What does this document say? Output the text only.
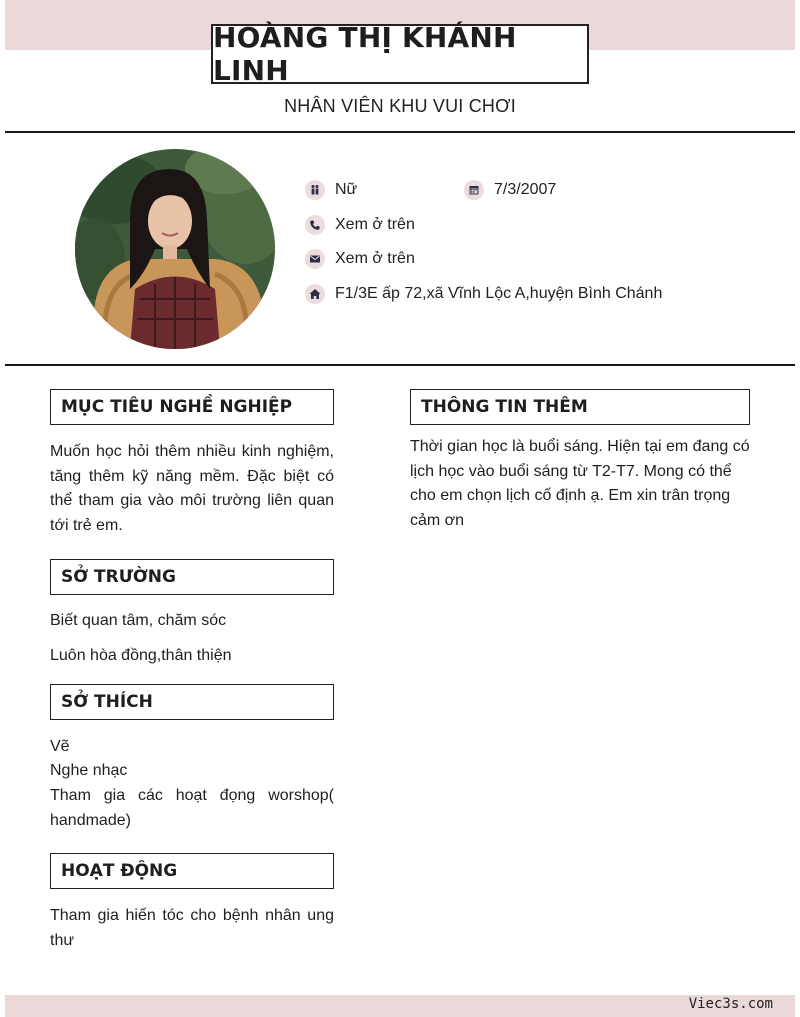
HOÀNG THỊ KHÁNH LINH
NHÂN VIÊN KHU VUI CHƠI
Nữ	7/3/2007
Xem ở trên
Xem ở trên
F1/3E ấp 72,xã Vĩnh Lộc A,huyện Bình Chánh
MỤC TIÊU NGHỀ NGHIỆP
Muốn học hỏi thêm nhiều kinh nghiệm, tăng thêm kỹ năng mềm. Đặc biệt có thể tham gia vào môi trường liên quan tới trẻ em.
SỞ TRƯỜNG
Biết quan tâm, chăm sóc
Luôn hòa đồng,thân thiện
SỞ THÍCH
Vẽ
Nghe nhạc
Tham gia các hoạt đọng worshop( handmade)
HOẠT ĐỘNG
Tham gia hiến tóc cho bệnh nhân ung thư
THÔNG TIN THÊM
Thời gian học là buổi sáng. Hiện tại em đang có lịch học vào buổi sáng từ T2-T7. Mong có thể cho em chọn lịch cố định ạ. Em xin trân trọng cảm ơn
Viec3s.com
